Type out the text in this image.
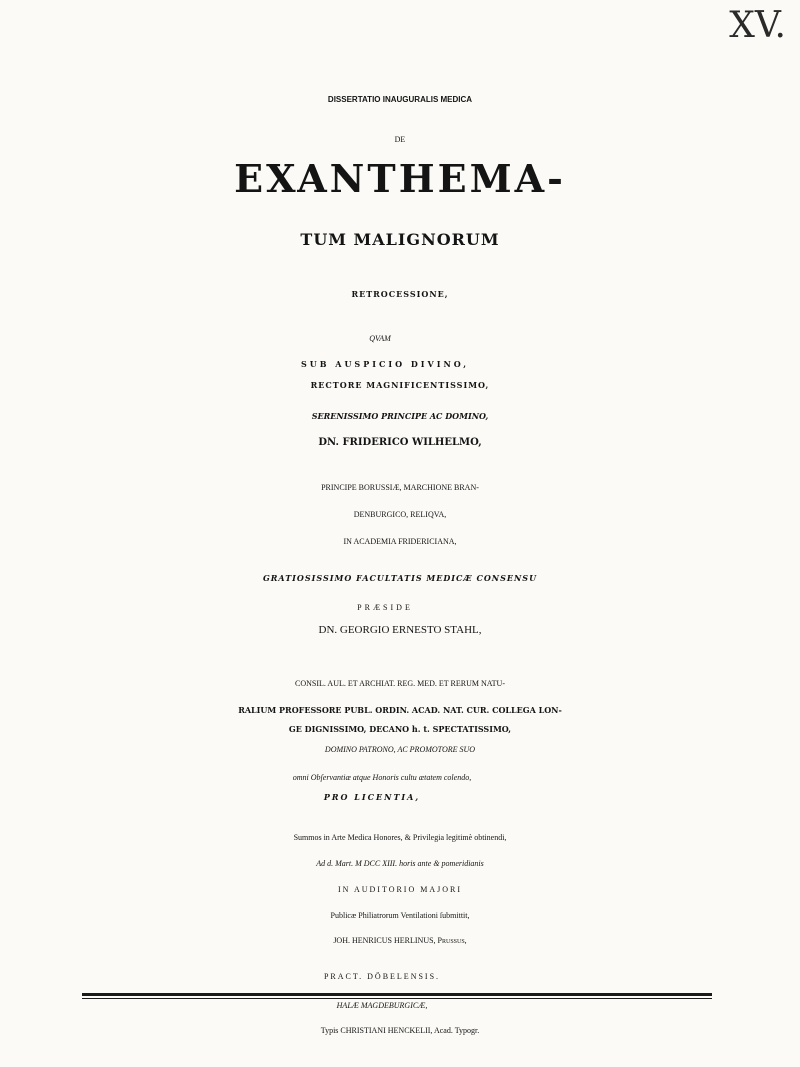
XV.
DISSERTATIO INAUGURALIS MEDICA
DE
EXANTHEMA-
TUM MALIGNORUM
RETROCESSIONE,
QVAM
SUB AUSPICIO DIVINO,
RECTORE MAGNIFICENTISSIMO,
SERENISSIMO PRINCIPE AC DOMINO,
DN. FRIDERICO WILHELMO,
PRINCIPE BORUSSIÆ, MARCHIONE BRAN-
DENBURGICO, RELIQVA,
IN ACADEMIA FRIDERICIANA,
GRATIOSISSIMO FACULTATIS MEDICÆ CONSENSU
PRÆSIDE
DN. GEORGIO ERNESTO STAHL,
CONSIL. AUL. ET ARCHIAT. REG. MED. ET RERUM NATU-
RALIUM PROFESSORE PUBL. ORDIN. ACAD. NAT. CUR. COLLEGA LON-
GE DIGNISSIMO, DECANO h. t. SPECTATISSIMO,
DOMINO PATRONO, AC PROMOTORE SUO
omni Obſervantiæ atque Honoris cultu ætatem colendo,
PRO LICENTIA,
Summos in Arte Medica Honores, & Privilegia legitimè obtinendi,
Ad d. Mart. M DCC XIII. horis ante & pomeridianis
IN AUDITORIO MAJORI
Publicæ Philiatrorum Ventilationi ſubmittit,
JOH. HENRICUS HERLINUS, Pruſſus,
PRACT. DÖBELENSIS.
HALÆ MAGDEBURGICÆ,
Typis CHRISTIANI HENCKELII, Acad. Typogr.
